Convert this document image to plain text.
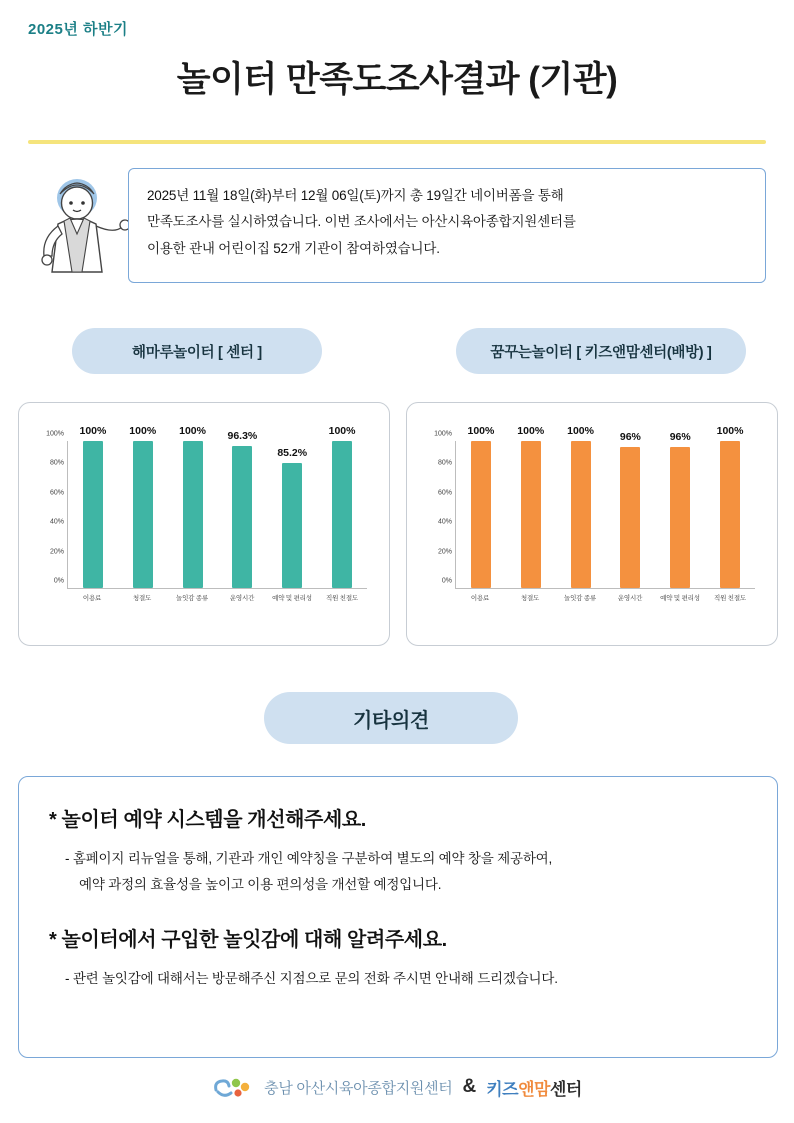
2025년 하반기
놀이터 만족도조사결과 (기관)
2025년 11월 18일(화)부터 12월 06일(토)까지 총 19일간 네이버폼을 통해
만족도조사를 실시하였습니다. 이번 조사에서는 아산시육아종합지원센터를
이용한 관내 어린이집 52개 기관이 참여하였습니다.
해마루놀이터 [ 센터 ]	꿈꾸는놀이터 [ 키즈앤맘센터(배방) ]
100% 100% 100% 96.3%
85.2%
100%
0%
20%
40%
60%
80%
100%
이용료	청결도	놀잇감 종류	운영시간	예약 및 편리성	직원 친절도
100% 100% 100% 96%	96% 100%
0%
20%
40%
60%
80%
100%
이용료	청결도	놀잇감 종류	운영시간	예약 및 편리성	직원 친절도
기타의견
* 놀이터 예약 시스템을 개선해주세요.
- 홈페이지 리뉴얼을 통해, 기관과 개인 예약칭을 구분하여 별도의 예약 창을 제공하여,
예약 과정의 효율성을 높이고 이용 편의성을 개선할 예정입니다.
* 놀이터에서 구입한 놀잇감에 대해 알려주세요.
- 관련 놀잇감에 대해서는 방문해주신 지점으로 문의 전화 주시면 안내해 드리겠습니다.
충남 아산시육아종합지원센터 & 키즈앤맘센터
